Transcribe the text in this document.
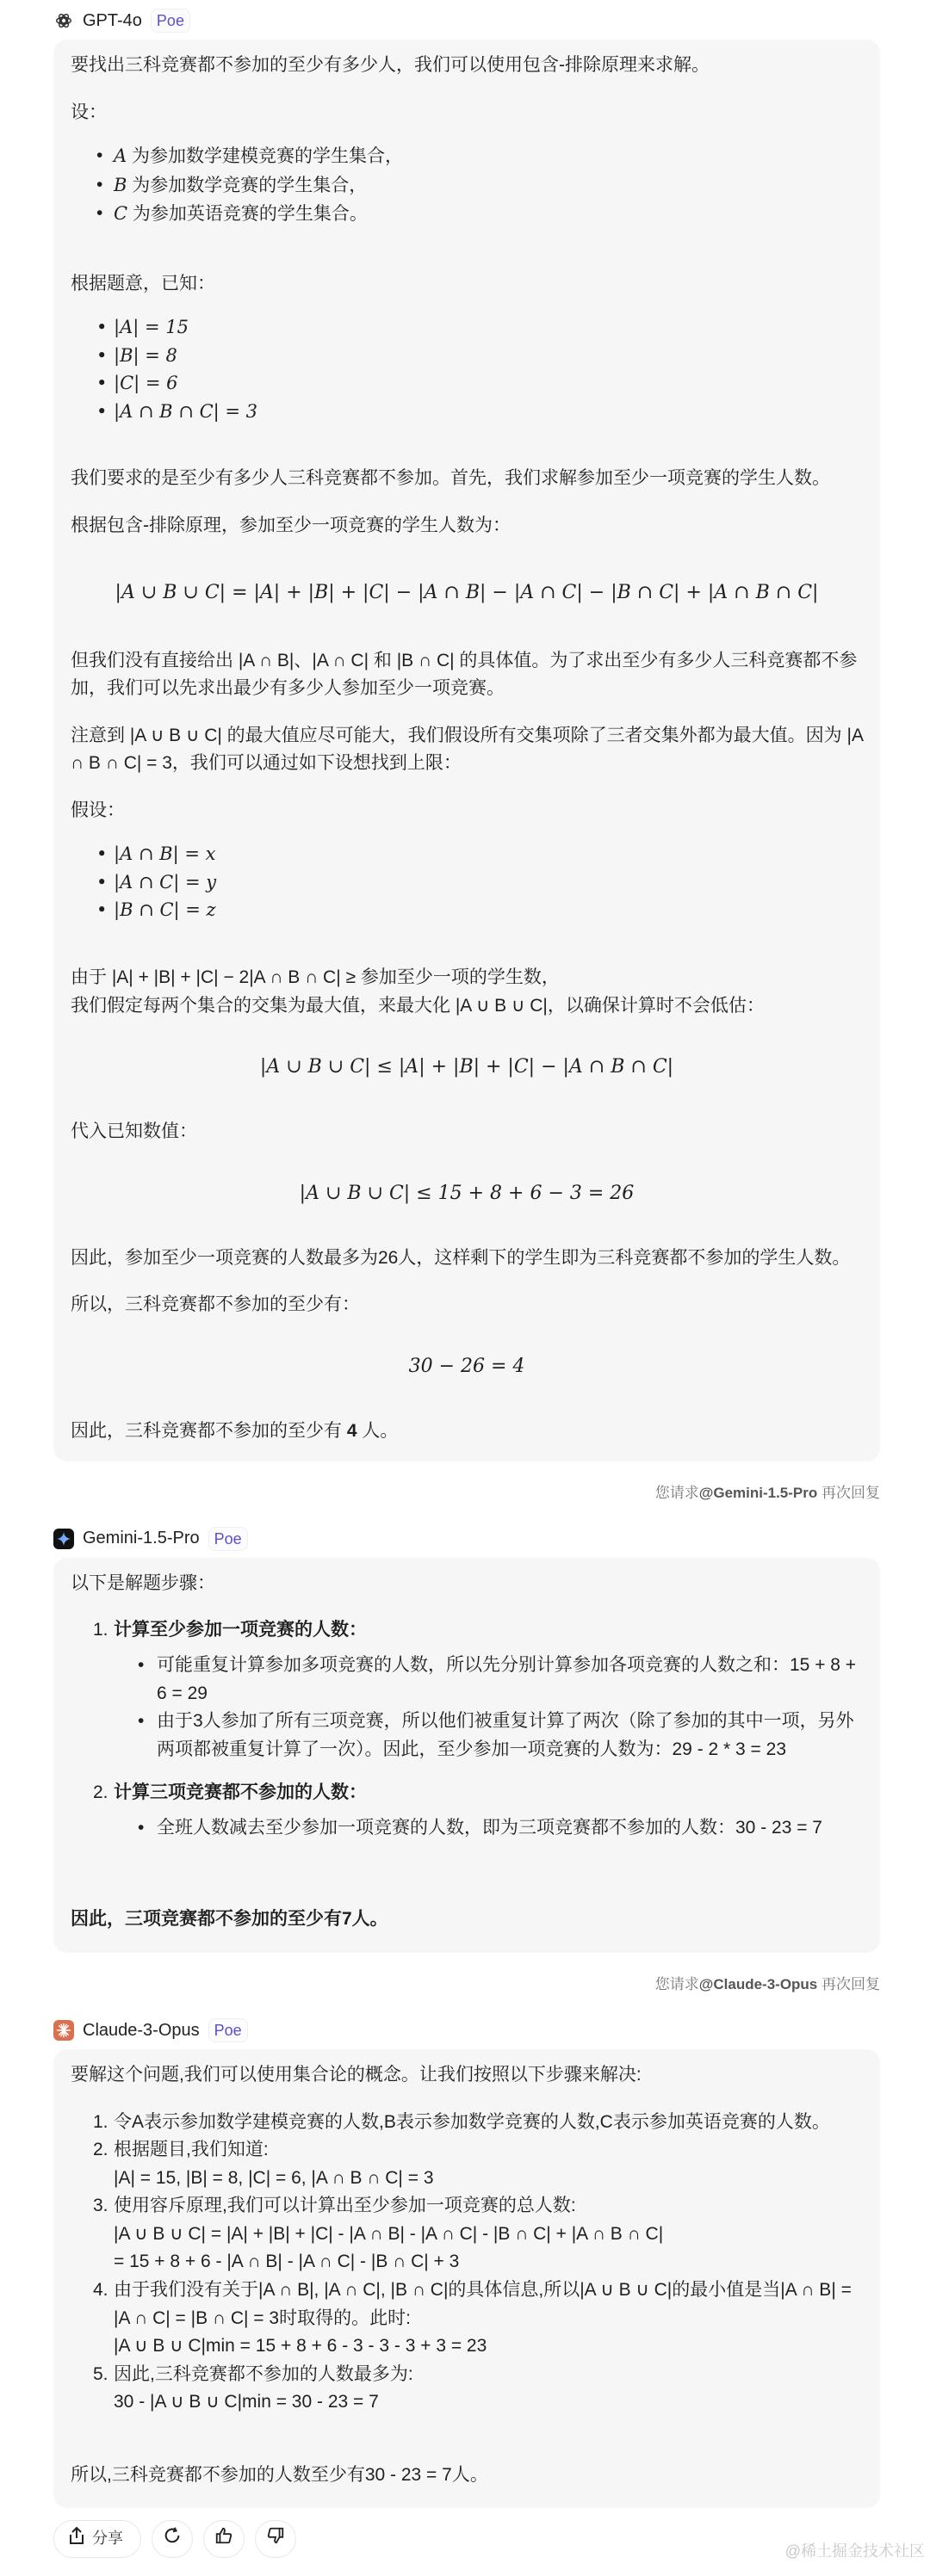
GPT-4o Poe

要找出三科竞赛都不参加的至少有多少人，我们可以使用包含-排除原理来求解。

设：

• A 为参加数学建模竞赛的学生集合，
• B 为参加数学竞赛的学生集合，
• C 为参加英语竞赛的学生集合。

根据题意，已知：

• |A| = 15
• |B| = 8
• |C| = 6
• |A ∩ B ∩ C| = 3

我们要求的是至少有多少人三科竞赛都不参加。首先，我们求解参加至少一项竞赛的学生人数。

根据包含-排除原理，参加至少一项竞赛的学生人数为：

|A ∪ B ∪ C| = |A| + |B| + |C| − |A ∩ B| − |A ∩ C| − |B ∩ C| + |A ∩ B ∩ C|

但我们没有直接给出 |A ∩ B|、|A ∩ C| 和 |B ∩ C| 的具体值。为了求出至少有多少人三科竞赛都不参加，我们可以先求出最少有多少人参加至少一项竞赛。

注意到 |A ∪ B ∪ C| 的最大值应尽可能大，我们假设所有交集项除了三者交集外都为最大值。因为 |A ∩ B ∩ C| = 3，我们可以通过如下设想找到上限：

假设：

• |A ∩ B| = x
• |A ∩ C| = y
• |B ∩ C| = z

由于 |A| + |B| + |C| − 2|A ∩ B ∩ C| ≥ 参加至少一项的学生数，
我们假定每两个集合的交集为最大值，来最大化 |A ∪ B ∪ C|，以确保计算时不会低估：

|A ∪ B ∪ C| ≤ |A| + |B| + |C| − |A ∩ B ∩ C|

代入已知数值：

|A ∪ B ∪ C| ≤ 15 + 8 + 6 − 3 = 26

因此，参加至少一项竞赛的人数最多为26人，这样剩下的学生即为三科竞赛都不参加的学生人数。

所以，三科竞赛都不参加的至少有：

30 − 26 = 4

因此，三科竞赛都不参加的至少有 4 人。

您请求@Gemini-1.5-Pro 再次回复
Gemini-1.5-Pro Poe

以下是解题步骤：

1. 计算至少参加一项竞赛的人数：
• 可能重复计算参加多项竞赛的人数，所以先分别计算参加各项竞赛的人数之和：15 + 8 + 6 = 29
• 由于3人参加了所有三项竞赛，所以他们被重复计算了两次（除了参加的其中一项，另外两项都被重复计算了一次）。因此，至少参加一项竞赛的人数为：29 - 2 * 3 = 23
2. 计算三项竞赛都不参加的人数：
• 全班人数减去至少参加一项竞赛的人数，即为三项竞赛都不参加的人数：30 - 23 = 7

因此，三项竞赛都不参加的至少有7人。

您请求@Claude-3-Opus 再次回复
Claude-3-Opus Poe

要解这个问题,我们可以使用集合论的概念。让我们按照以下步骤来解决:

1. 令A表示参加数学建模竞赛的人数,B表示参加数学竞赛的人数,C表示参加英语竞赛的人数。
2. 根据题目,我们知道:
|A| = 15, |B| = 8, |C| = 6, |A ∩ B ∩ C| = 3
3. 使用容斥原理,我们可以计算出至少参加一项竞赛的总人数:
|A ∪ B ∪ C| = |A| + |B| + |C| - |A ∩ B| - |A ∩ C| - |B ∩ C| + |A ∩ B ∩ C|
= 15 + 8 + 6 - |A ∩ B| - |A ∩ C| - |B ∩ C| + 3
4. 由于我们没有关于|A ∩ B|, |A ∩ C|, |B ∩ C|的具体信息,所以|A ∪ B ∪ C|的最小值是当|A ∩ B| = |A ∩ C| = |B ∩ C| = 3时取得的。此时:
|A ∪ B ∪ C|min = 15 + 8 + 6 - 3 - 3 - 3 + 3 = 23
5. 因此,三科竞赛都不参加的人数最多为:
30 - |A ∪ B ∪ C|min = 30 - 23 = 7

所以,三科竞赛都不参加的人数至少有30 - 23 = 7人。

分享
@稀土掘金技术社区
